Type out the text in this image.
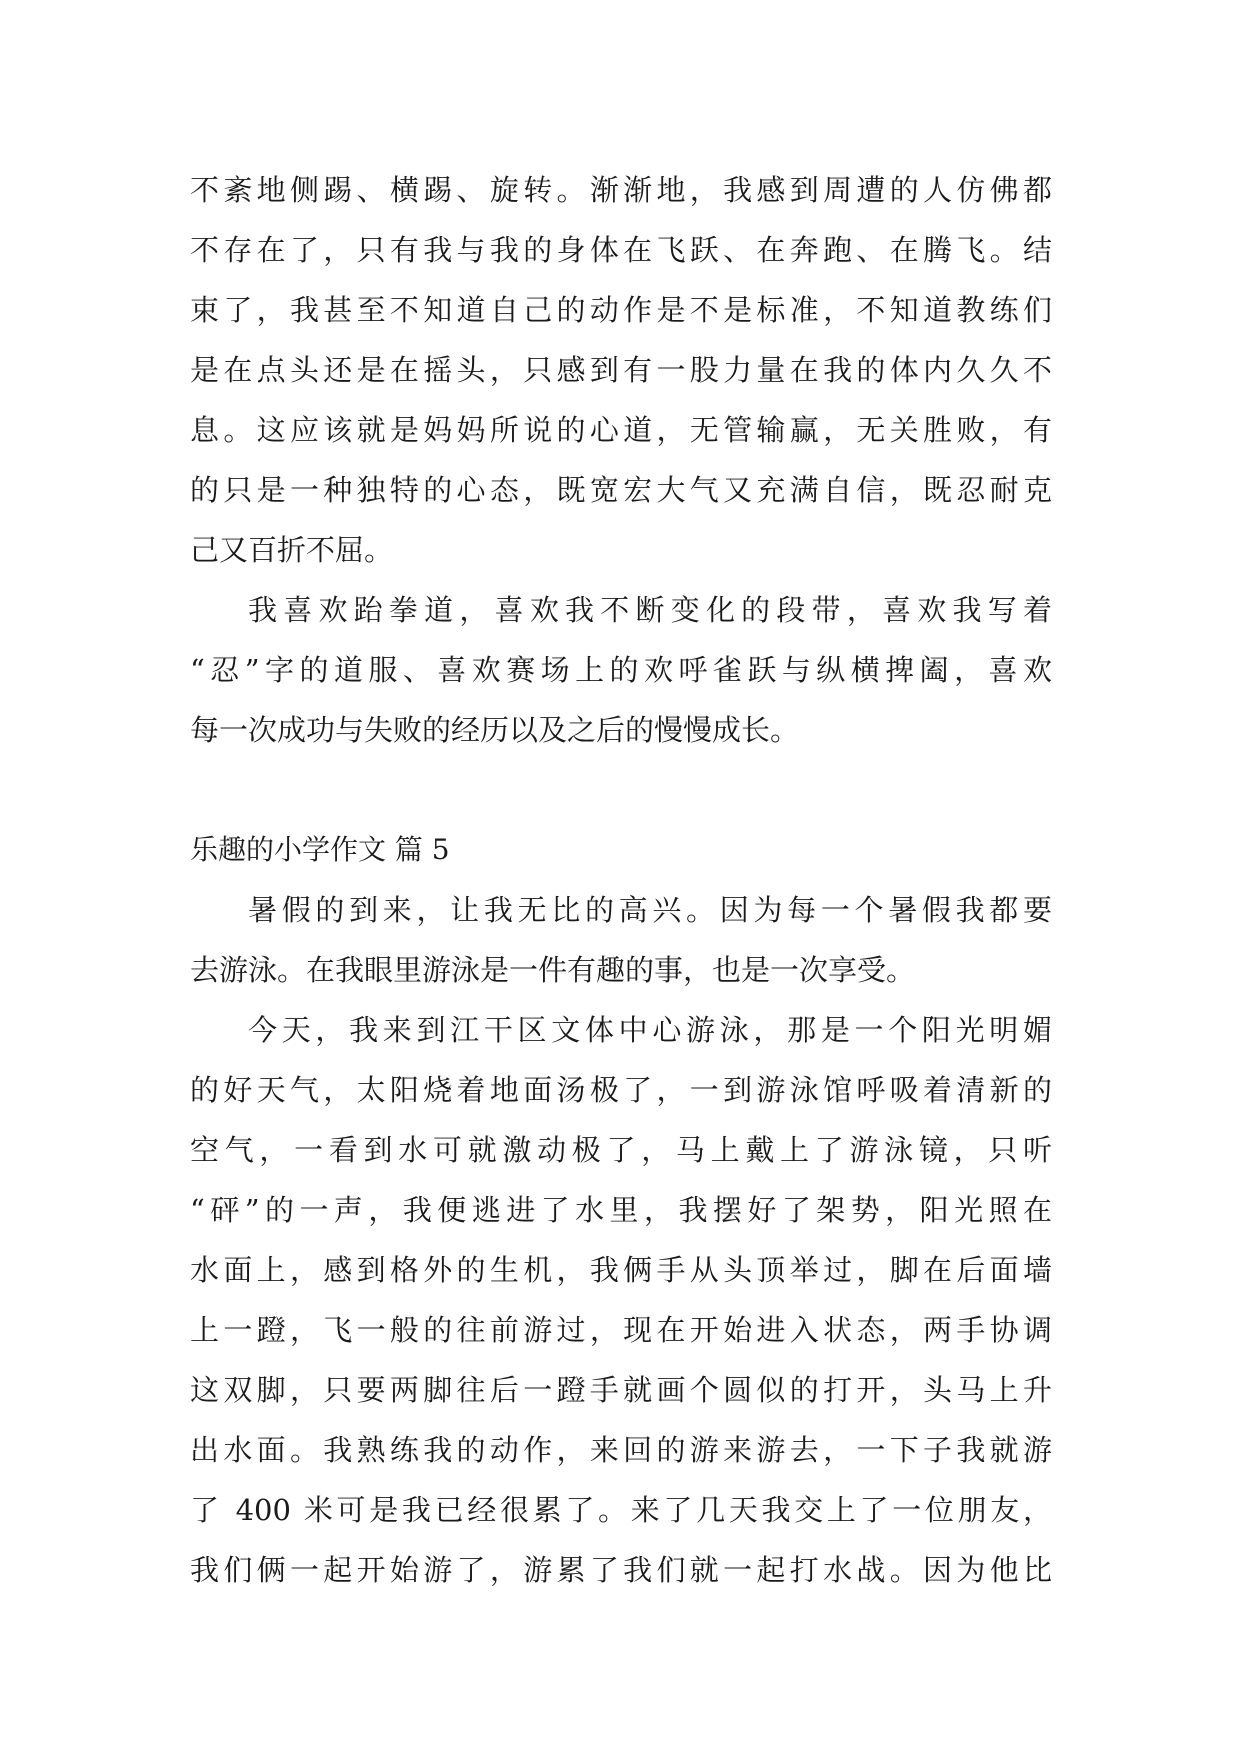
不紊地侧踢、横踢、旋转。渐渐地，我感到周遭的人仿佛都
不存在了，只有我与我的身体在飞跃、在奔跑、在腾飞。结
束了，我甚至不知道自己的动作是不是标准，不知道教练们
是在点头还是在摇头，只感到有一股力量在我的体内久久不
息。这应该就是妈妈所说的心道，无管输赢，无关胜败，有
的只是一种独特的心态，既宽宏大气又充满自信，既忍耐克
己又百折不屈。
我喜欢跆拳道，喜欢我不断变化的段带，喜欢我写着
“忍”字的道服、喜欢赛场上的欢呼雀跃与纵横捭阖，喜欢
每一次成功与失败的经历以及之后的慢慢成长。
乐趣的小学作文 篇 5
暑假的到来，让我无比的高兴。因为每一个暑假我都要
去游泳。在我眼里游泳是一件有趣的事，也是一次享受。
今天，我来到江干区文体中心游泳，那是一个阳光明媚
的好天气，太阳烧着地面汤极了，一到游泳馆呼吸着清新的
空气，一看到水可就激动极了，马上戴上了游泳镜，只听
“砰”的一声，我便逃进了水里，我摆好了架势，阳光照在
水面上，感到格外的生机，我俩手从头顶举过，脚在后面墙
上一蹬，飞一般的往前游过，现在开始进入状态，两手协调
这双脚，只要两脚往后一蹬手就画个圆似的打开，头马上升
出水面。我熟练我的动作，来回的游来游去，一下子我就游
了 400 米可是我已经很累了。来了几天我交上了一位朋友，
我们俩一起开始游了，游累了我们就一起打水战。因为他比
